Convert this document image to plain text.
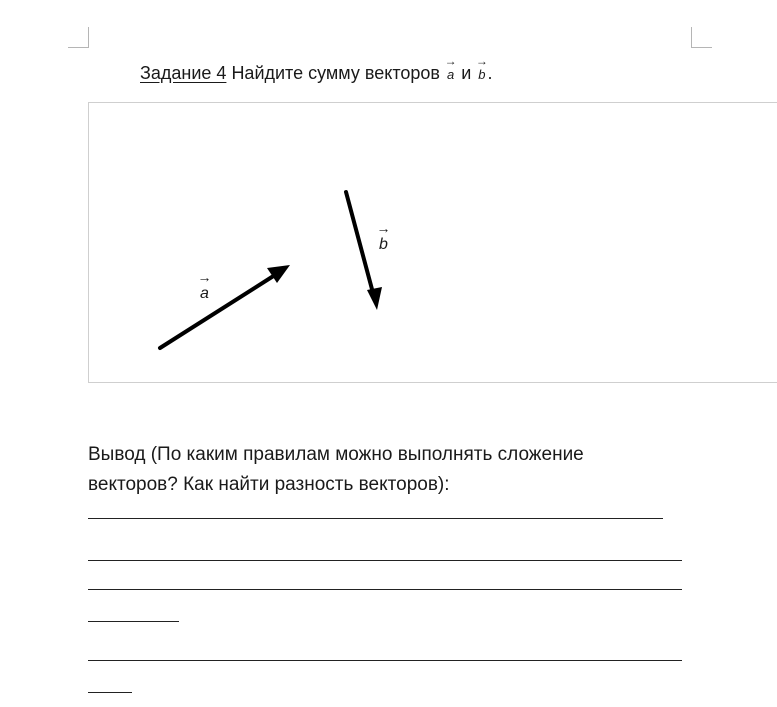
Задание 4 Найдите сумму векторов
→
a и
→
b .
→
a
→
b
Вывод (По каким правилам можно выполнять сложение
векторов? Как найти разность векторов):
